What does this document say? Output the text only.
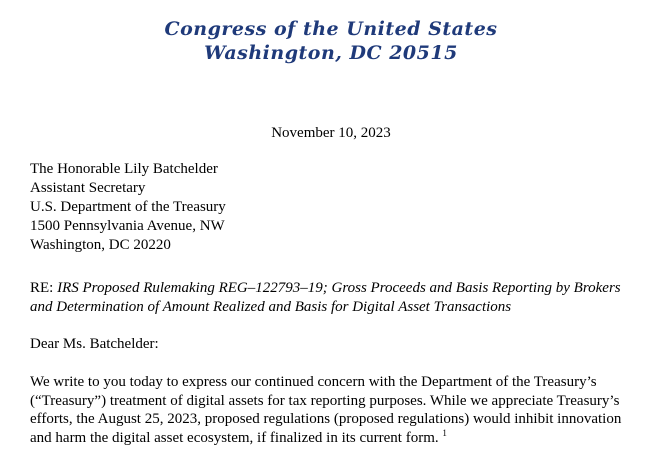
Congress of the United States
Washington, DC 20515
November 10, 2023
The Honorable Lily Batchelder
Assistant Secretary
U.S. Department of the Treasury
1500 Pennsylvania Avenue, NW
Washington, DC 20220
RE: IRS Proposed Rulemaking REG–122793–19; Gross Proceeds and Basis Reporting by Brokers and Determination of Amount Realized and Basis for Digital Asset Transactions
Dear Ms. Batchelder:
We write to you today to express our continued concern with the Department of the Treasury’s (“Treasury”) treatment of digital assets for tax reporting purposes. While we appreciate Treasury’s efforts, the August 25, 2023, proposed regulations (proposed regulations) would inhibit innovation and harm the digital asset ecosystem, if finalized in its current form. $^1$
